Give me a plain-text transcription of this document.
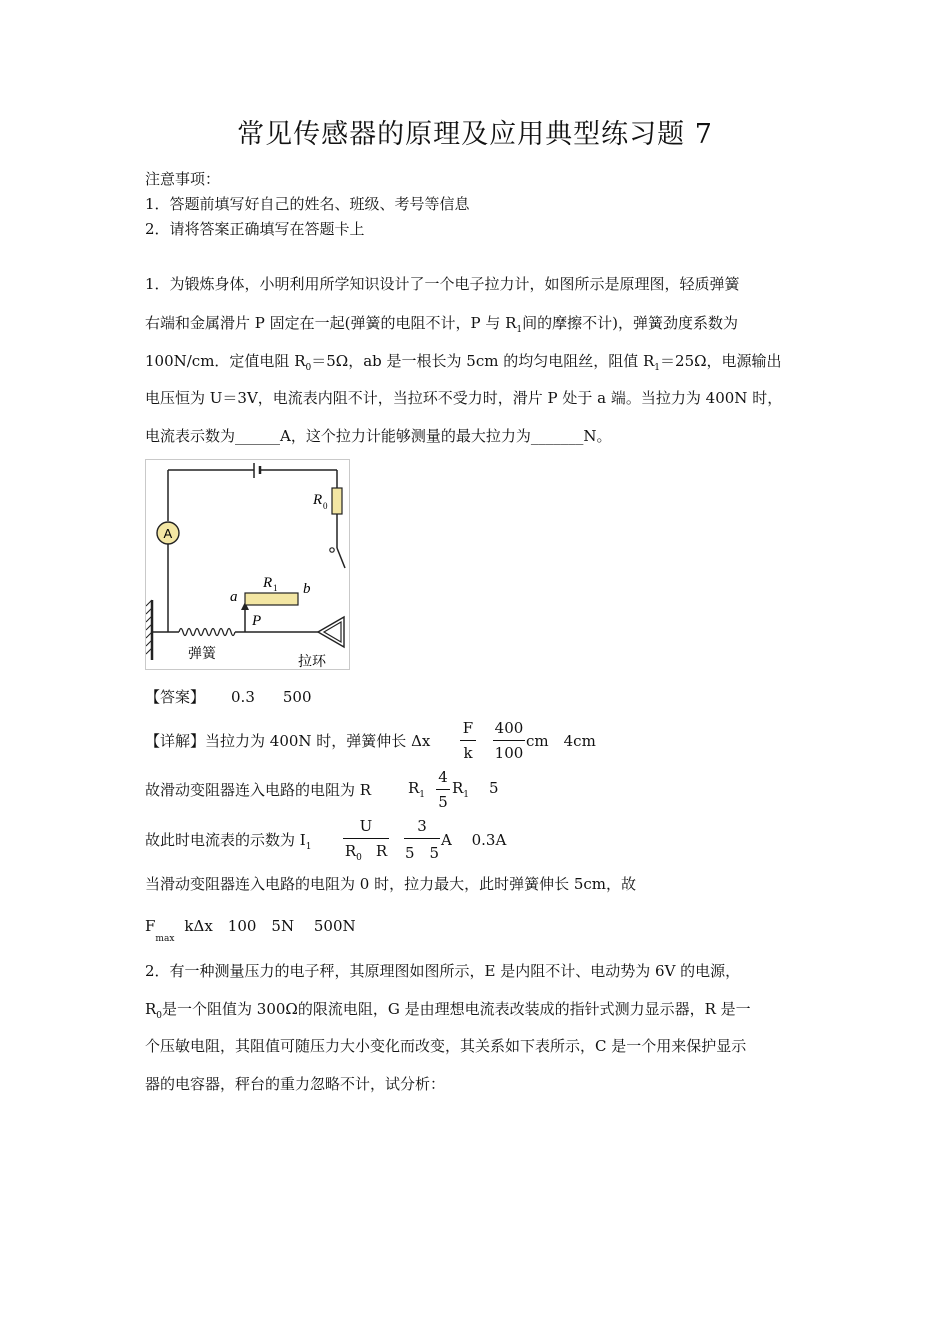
常见传感器的原理及应用典型练习题 7
注意事项：
1．答题前填写好自己的姓名、班级、考号等信息
2．请将答案正确填写在答题卡上
1．为锻炼身体，小明利用所学知识设计了一个电子拉力计，如图所示是原理图，轻质弹簧
右端和金属滑片 P 固定在一起(弹簧的电阻不计，P 与 $R_1$间的摩擦不计)，弹簧劲度系数为
100N/cm．定值电阻 $R_0=5\Omega$，ab 是一根长为 5cm 的均匀电阻丝，阻值 $R_1=25\Omega$，电源输出
电压恒为 U＝3V，电流表内阻不计，当拉环不受力时，滑片 P 处于 a 端。当拉力为 400N 时，
电流表示数为______A，这个拉力计能够测量的最大拉力为_______N。
A
R 0
R 1
a	b
P
弹簧	拉环
【答案】 0.3 500
【详解】当拉力为 400N 时，弹簧伸长 Δx
F
k
400
100
cm　4cm
故滑动变阻器连入电路的电阻为 R $R_1$
4
5
$R_1$ 5
故此时电流表的示数为 $I_1$
U
$R_0$ R
3
5　5
A　 0.3A
当滑动变阻器连入电路的电阻为 0 时，拉力最大，此时弹簧伸长 5cm，故
$F_{max}k\Delta x$　100　5N　 500N
2．有一种测量压力的电子秤，其原理图如图所示，E 是内阻不计、电动势为 6V 的电源，
$R_0$是一个阻值为 300Ω的限流电阻，G 是由理想电流表改装成的指针式测力显示器，R 是一
个压敏电阻，其阻值可随压力大小变化而改变，其关系如下表所示，C 是一个用来保护显示
器的电容器，秤台的重力忽略不计，试分析：
